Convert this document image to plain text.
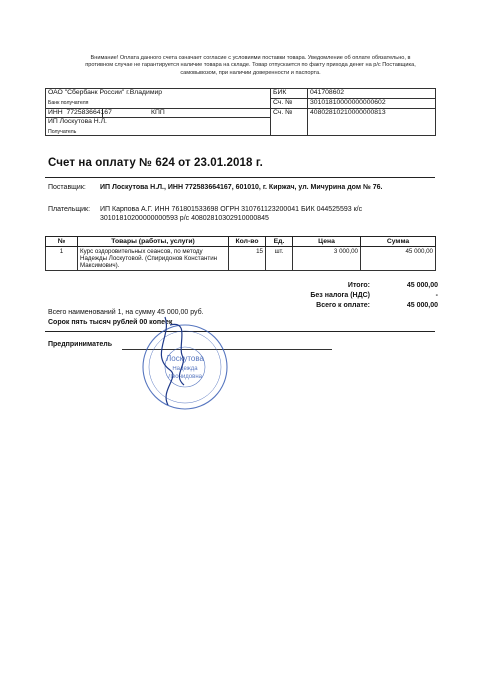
Внимание! Оплата данного счета означает согласие с условиями поставки товара. Уведомление об оплате обязательно, в противном случае не гарантируется наличие товара на складе. Товар отпускается по факту прихода денег на р/с Поставщика, самовывозом, при наличии доверенности и паспорта.
ОАО "Сбербанк России" г.Владимир
Банк получателя		БИК	041708602
		Сч. №	30101810000000000602
ИНН 772583664167	КПП	Сч. №	40802810210000000813
ИП Лоскутова Н.Л.
Получатель			
Счет на оплату № 624 от 23.01.2018 г.
Поставщик: ИП Лоскутова Н.Л., ИНН 772583664167, 601010, г. Киржач, ул. Мичурина дом № 76.
Плательщик: ИП Карпова А.Г. ИНН 761801533698 ОГРН 310761123200041 БИК 044525593 к/с
30101810200000000593 р/с 40802810302910000845
№	Товары (работы, услуги)	Кол-во	Ед.	Цена	Сумма
1	Курс оздоровительных сеансов, по методу Надежды Лоскутовой. (Спиридонов Константин Максимович).	15	шт.	3 000,00	45 000,00
Итого:	45 000,00
Без налога (НДС)	-
Всего к оплате:	45 000,00
Всего наименований 1, на сумму 45 000,00 руб.
Сорок пять тысяч рублей 00 копеек
Предприниматель
Лоскутова
Надежда
Леонидовна
